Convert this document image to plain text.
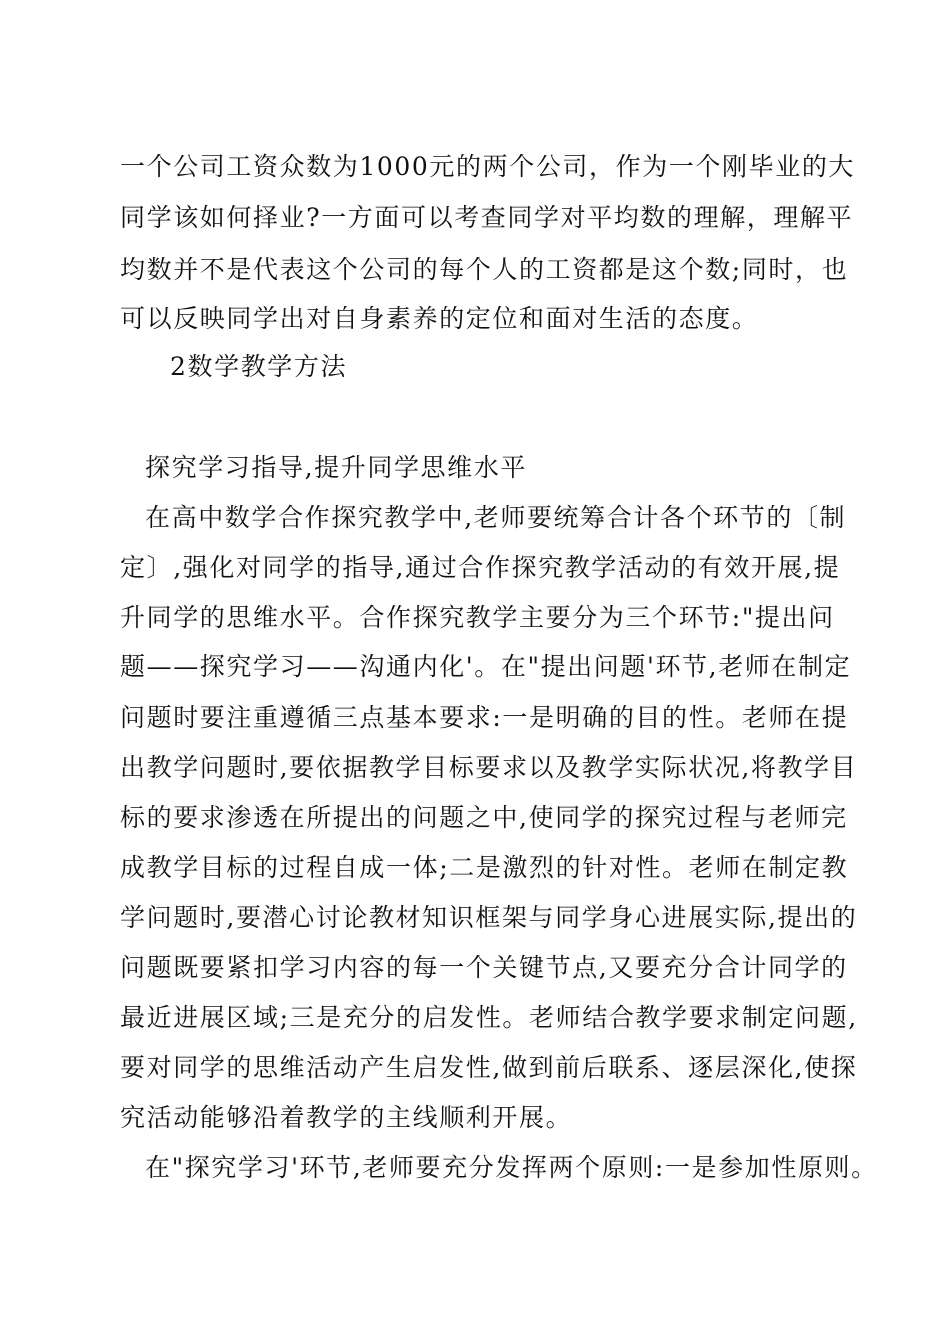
一个公司工资众数为1000元的两个公司，作为一个刚毕业的大
同学该如何择业?一方面可以考查同学对平均数的理解，理解平
均数并不是代表这个公司的每个人的工资都是这个数;同时，也
可以反映同学出对自身素养的定位和面对生活的态度。
2数学教学方法
探究学习指导,提升同学思维水平
在高中数学合作探究教学中,老师要统筹合计各个环节的〔制
定〕,强化对同学的指导,通过合作探究教学活动的有效开展,提
升同学的思维水平。合作探究教学主要分为三个环节:"提出问
题——探究学习——沟通内化'。在"提出问题'环节,老师在制定
问题时要注重遵循三点基本要求:一是明确的目的性。老师在提
出教学问题时,要依据教学目标要求以及教学实际状况,将教学目
标的要求渗透在所提出的问题之中,使同学的探究过程与老师完
成教学目标的过程自成一体;二是激烈的针对性。老师在制定教
学问题时,要潜心讨论教材知识框架与同学身心进展实际,提出的
问题既要紧扣学习内容的每一个关键节点,又要充分合计同学的
最近进展区域;三是充分的启发性。老师结合教学要求制定问题,
要对同学的思维活动产生启发性,做到前后联系、逐层深化,使探
究活动能够沿着教学的主线顺利开展。
在"探究学习'环节,老师要充分发挥两个原则:一是参加性原则。
